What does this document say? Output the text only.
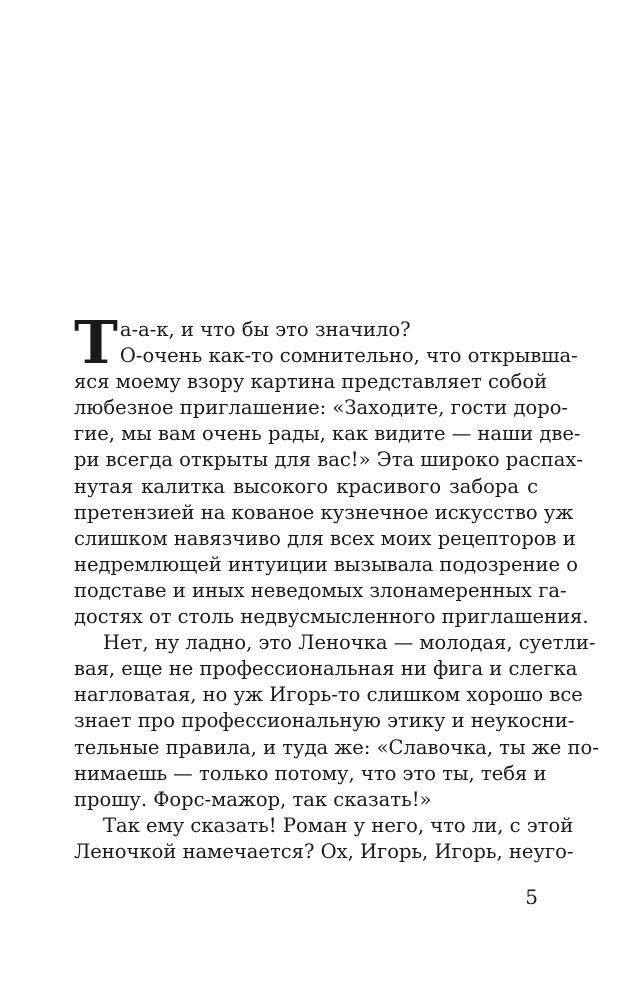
Т а-а-к, и что бы это значило?
О-очень как-то сомнительно, что открывша-
яся моему взору картина представляет собой
любезное приглашение: «Заходите, гости доро-
гие, мы вам очень рады, как видите — наши две-
ри всегда открыты для вас!» Эта широко распах-
нутая калитка высокого красивого забора с
претензией на кованое кузнечное искусство уж
слишком навязчиво для всех моих рецепторов и
недремлющей интуиции вызывала подозрение о
подставе и иных неведомых злонамеренных га-
достях от столь недвусмысленного приглашения.
Нет, ну ладно, это Леночка — молодая, суетли-
вая, еще не профессиональная ни фига и слегка
нагловатая, но уж Игорь-то слишком хорошо все
знает про профессиональную этику и неукосни-
тельные правила, и туда же: «Славочка, ты же по-
нимаешь — только потому, что это ты, тебя и
прошу. Форс-мажор, так сказать!»
Так ему сказать! Роман у него, что ли, с этой
Леночкой намечается? Ох, Игорь, Игорь, неуго-
5
